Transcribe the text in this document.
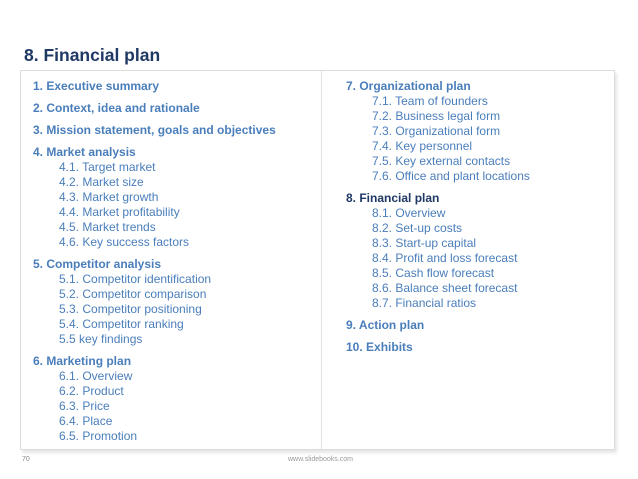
8. Financial plan
1. Executive summary
2. Context, idea and rationale
3. Mission statement, goals and objectives
4. Market analysis
4.1. Target market
4.2. Market size
4.3. Market growth
4.4. Market profitability
4.5. Market trends
4.6. Key success factors
5. Competitor analysis
5.1. Competitor identification
5.2. Competitor comparison
5.3. Competitor positioning
5.4. Competitor ranking
5.5 key findings
6. Marketing plan
6.1. Overview
6.2. Product
6.3. Price
6.4. Place
6.5. Promotion
7. Organizational plan
7.1. Team of founders
7.2. Business legal form
7.3. Organizational form
7.4. Key personnel
7.5. Key external contacts
7.6. Office and plant locations
8. Financial plan
8.1. Overview
8.2. Set-up costs
8.3. Start-up capital
8.4. Profit and loss forecast
8.5. Cash flow forecast
8.6. Balance sheet forecast
8.7. Financial ratios
9. Action plan
10. Exhibits
70	www.slidebooks.com
